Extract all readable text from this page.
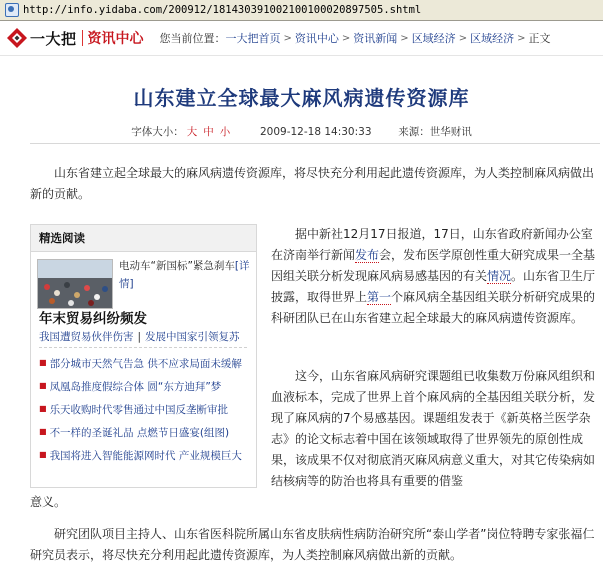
http://info.yidaba.com/200912/181430391002100100020897505.shtml
一大把 资讯中心 您当前位置： 一大把首页 > 资讯中心 > 资讯新闻 > 区域经济 > 区域经济 > 正文
山东建立全球最大麻风病遗传资源库
字体大小： 大 中 小	2009-12-18 14:30:33	来源：世华财讯
山东省建立起全球最大的麻风病遗传资源库，将尽快充分利用起此遗传资源库，为人类控制麻风病做出新的贡献。
精选阅读
电动车“新国标”紧急刹车[详情]
年末贸易纠纷频发
我国遭贸易伙伴伤害 | 发展中国家引领复苏
■ 部分城市天然气告急 供不应求局面未缓解
■ 凤凰岛推度假综合体 圆“东方迪拜”梦
■ 乐天收购时代零售通过中国反垄断审批
■ 不一样的圣诞礼品 点燃节日盛宴(组图)
■ 我国将进入智能能源网时代 产业规模巨大
据中新社12月17日报道，17日，山东省政府新闻办公室在济南举行新闻发布会，发布医学原创性重大研究成果一全基因组关联分析发现麻风病易感基因的有关情况。山东省卫生厅披露，取得世界上第一个麻风病全基因组关联分析研究成果的科研团队已在山东省建立起全球最大的麻风病遗传资源库。
这今，山东省麻风病研究课题组已收集数万份麻风组织和血液标本，完成了世界上首个麻风病的全基因组关联分析，发现了麻风病的7个易感基因。课题组发表于《新英格兰医学杂志》的论文标志着中国在该领域取得了世界领先的原创性成果，该成果不仅对彻底消灭麻风病意义重大，对其它传染病如结核病等的防治也将具有重要的借鉴
意义。
研究团队项目主持人、山东省医科院所属山东省皮肤病性病防治研究所“泰山学者”岗位特聘专家张福仁研究员表示，将尽快充分利用起此遗传资源库，为人类控制麻风病做出新的贡献。
